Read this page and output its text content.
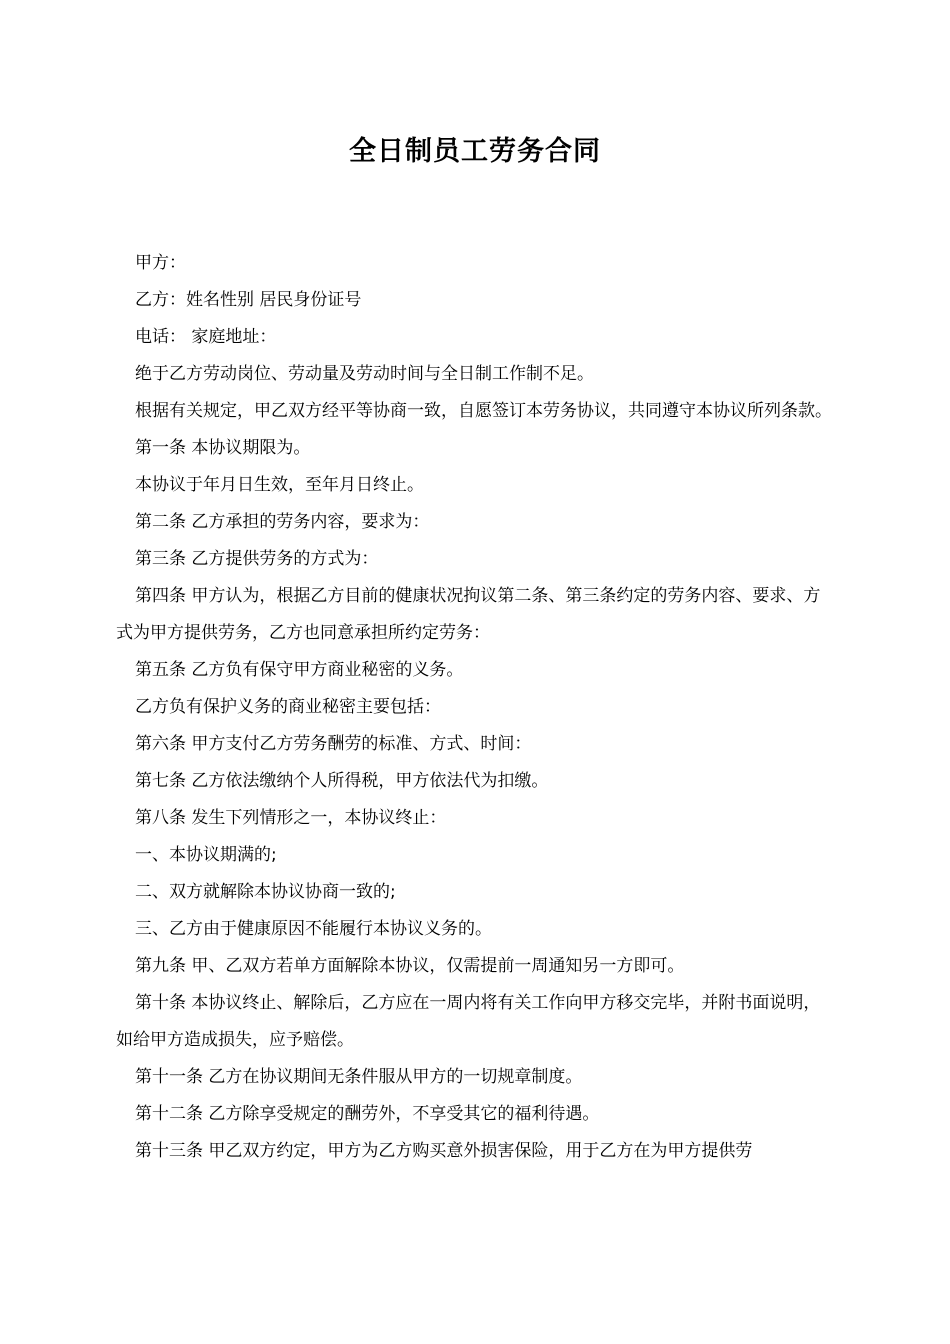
全日制员工劳务合同

甲方：

乙方：姓名性别 居民身份证号

电话： 家庭地址：

绝于乙方劳动岗位、劳动量及劳动时间与全日制工作制不足。

根据有关规定，甲乙双方经平等协商一致，自愿签订本劳务协议，共同遵守本协议所列条款。

第一条 本协议期限为。

本协议于年月日生效，至年月日终止。

第二条 乙方承担的劳务内容，要求为：

第三条 乙方提供劳务的方式为：

第四条 甲方认为，根据乙方目前的健康状况拘议第二条、第三条约定的劳务内容、要求、方式为甲方提供劳务，乙方也同意承担所约定劳务：

第五条 乙方负有保守甲方商业秘密的义务。

乙方负有保护义务的商业秘密主要包括：

第六条 甲方支付乙方劳务酬劳的标准、方式、时间：

第七条 乙方依法缴纳个人所得税，甲方依法代为扣缴。

第八条 发生下列情形之一，本协议终止：

一、本协议期满的;

二、双方就解除本协议协商一致的;

三、乙方由于健康原因不能履行本协议义务的。

第九条 甲、乙双方若单方面解除本协议，仅需提前一周通知另一方即可。

第十条 本协议终止、解除后，乙方应在一周内将有关工作向甲方移交完毕，并附书面说明，如给甲方造成损失，应予赔偿。

第十一条 乙方在协议期间无条件服从甲方的一切规章制度。

第十二条 乙方除享受规定的酬劳外，不享受其它的福利待遇。

第十三条 甲乙双方约定，甲方为乙方购买意外损害保险，用于乙方在为甲方提供劳
